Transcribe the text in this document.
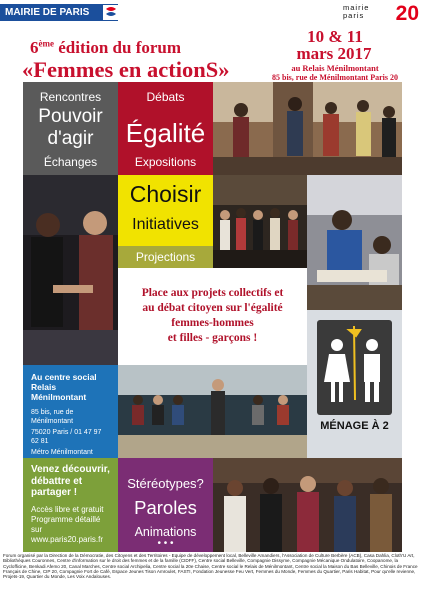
MAIRIE DE PARIS	mairie
paris 20
6ème édition du forum
«Femmes en actionS»
10 & 11
mars 2017
au Relais Ménilmontant
85 bis, rue de Ménilmontant Paris 20
Rencontres
Pouvoir d'agir
Échanges
Débats
Égalité
Expositions
Choisir
Initiatives
Projections
Place aux projets collectifs et
au débat citoyen sur l'égalité
femmes-hommes
et filles - garçons !
Au centre social Relais Ménilmontant
85 bis, rue de Ménilmontant
75020 Paris / 01 47 97 62 81
Métro Ménilmontant
Venez découvrir, débattre et partager !
Accès libre et gratuit
Programme détaillé sur
www.paris20.paris.fr
Stéréotypes?
Paroles
Animations
• • •
MÉNAGE À 2
Forum organisé par la Direction de la Démocratie, des Citoyens et des Territoires - Equipe de développement local, Belleville Amandiers, l'Association de Culture Berbère (ACB), Casa Dahlia, Cloth'U Art, Bibliothèques Couronnes, Centre d'information sur le droit des femmes et de la famille (CIDFF), Centre social Belleville, Compagnie Dissyme, Compagnie Mécanique Ondulatoire, Coopanome, la Cyclofficine, Benkadi Afemo 20, Canal Marches, Centre social Archipelia, Centre social la 20e Chaise, Centre social le Relais de Ménilmontant, Centre social la Maison du Bas Belleville, Chinois de France Français de Chine, CIP 20, Compagnie Fort de Café, Espace Jeunes Tison Amroulet, FASTI, Fondation Jeunesse Feu Vert, Femmes du Monde, Femmes du Quartier, Paris Habitat, Pour qu'elle revienne, Projets-19, Quartier du Monde, Les Voix Andalouses.
